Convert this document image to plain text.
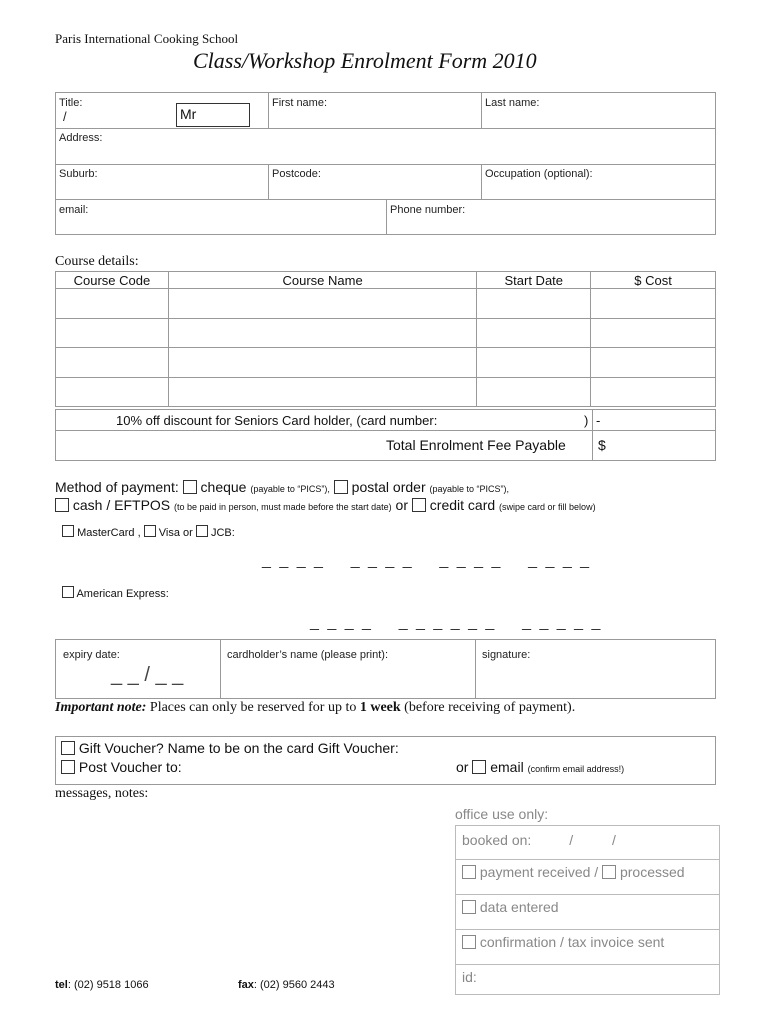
Paris International Cooking School
Class/Workshop Enrolment Form 2010
Title:
/	Mr
First name:	Last name:
Address:
Suburb:	Postcode:	Occupation (optional):
email:	Phone number:
Course details:
Course Code	Course Name	Start Date	$ Cost

10% off discount for Seniors Card holder, (card number:	) -
Total Enrolment Fee Payable $
Method of payment: cheque (payable to “PICS”), postal order (payable to “PICS”),
cash / EFTPOS (to be paid in person, must made before the start date) or credit card (swipe card or fill below)
MasterCard , Visa or JCB:
_ _ _ _    _ _ _ _    _ _ _ _    _ _ _ _
American Express:
_ _ _ _    _ _ _ _ _ _    _ _ _ _ _
expiry date:
_ _ / _ _
cardholder’s name (please print):	signature:
Important note: Places can only be reserved for up to 1 week (before receiving of payment).
Gift Voucher? Name to be on the card Gift Voucher:
Post Voucher to:	or email (confirm email address!)
messages, notes:
office use only:
booked on:	/          /
payment received / processed
data entered
confirmation / tax invoice sent
id:
tel: (02) 9518 1066	fax: (02) 9560 2443
